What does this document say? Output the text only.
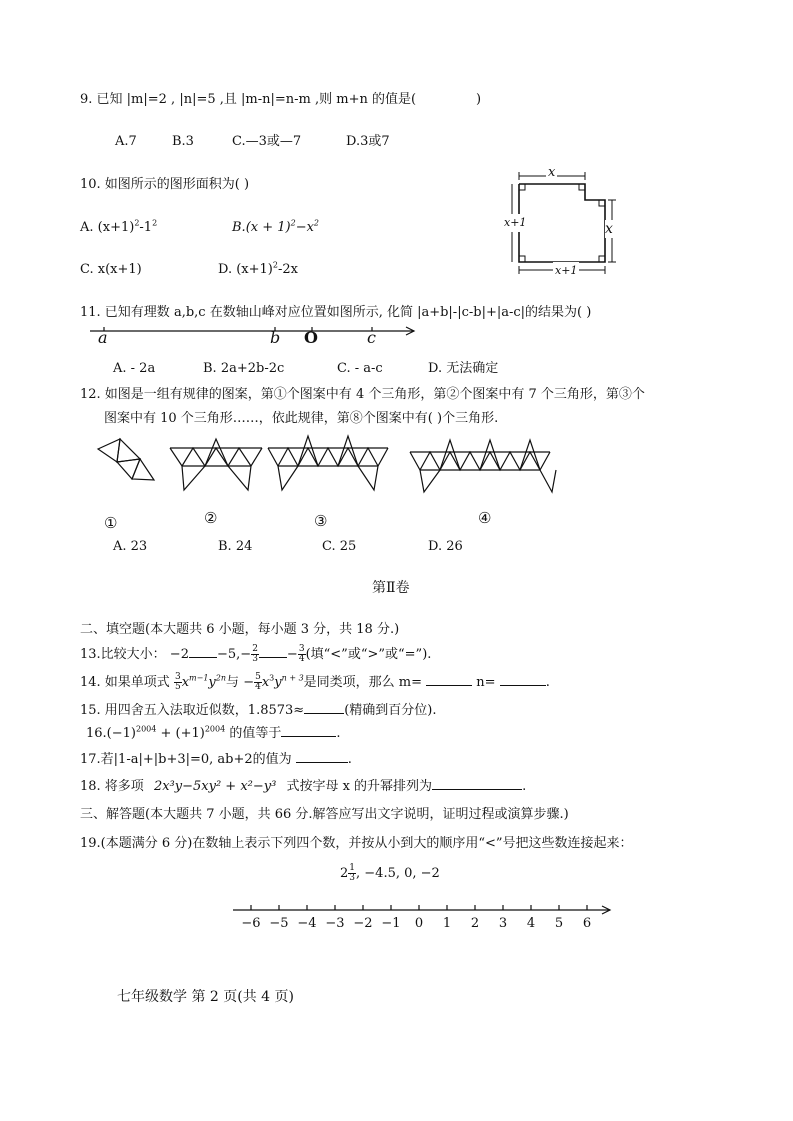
9. 已知 |m|=2 , |n|=5 ,且 |m-n|=n-m ,则 m+n 的值是(	)
A.7	B.3	C.—3或—7	D.3或7
10. 如图所示的图形面积为( )
A. $(x+1)^2-1^2$	$B.(x + 1)^2-x^2$
C. x(x+1)	D. $(x+1)^2-2x$
x
x+1	x
x+1
11. 已知有理数 a,b,c 在数轴山峰对应位置如图所示, 化简 |a+b|-|c-b|+|a-c|的结果为( )
a	b O	c
A. - 2a	B. 2a+2b-2c	C. - a-c	D. 无法确定
12. 如图是一组有规律的图案，第①个图案中有 4 个三角形，第②个图案中有 7 个三角形，第③个
图案中有 10 个三角形……，依此规律，第⑧个图案中有( )个三角形.
①	②	③	④
A. 23	B. 24	C. 25	D. 26
第Ⅱ卷
二、填空题(本大题共 6 小题，每小题 3 分，共 18 分.)
13.比较大小： $-2 -5,- \frac{2}{3} - \frac{3}{4}$ (填“<”或“>”或“=”).
14. 如果单项式 $\frac{3}{5} x^{m-1}y^{2n}$与 − $\frac{5}{4} x^3y^{n + 3}$是同类项，那么 m=	n=	.
15. 用四舍五入法取近似数，1.8573≈	(精确到百分位).
$16.(-1)^{2004} + (+1)^{2004}$ 的值等于	.
17.若|1-a|+|b+3|=0, ab+2的值为	.
18. 将多项 2x³y−5xy² + x²−y³ 式按字母 x 的升幂排列为	.
三、解答题(本大题共 7 小题，共 66 分.解答应写出文字说明，证明过程或演算步骤.)
19.(本题满分 6 分)在数轴上表示下列四个数，并按从小到大的顺序用“<”号把这些数连接起来：
$2 \frac{1}{3}$ , −4.5, 0, −2
−6 −5 −4 −3 −2 −1 0 1 2 3 4 5 6
七年级数学 第 2 页(共 4 页)
